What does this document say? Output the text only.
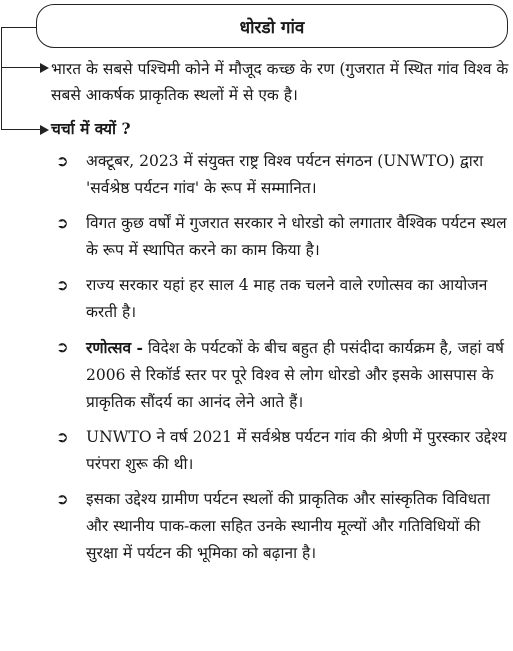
धोरडो गांव
भारत के सबसे पश्चिमी कोने में मौजूद कच्छ के रण (गुजरात में स्थित गांव विश्व के सबसे आकर्षक प्राकृतिक स्थलों में से एक है।
चर्चा में क्यों ?
➲ अक्टूबर, 2023 में संयुक्त राष्ट्र विश्व पर्यटन संगठन (UNWTO) द्वारा 'सर्वश्रेष्ठ पर्यटन गांव' के रूप में सम्मानित।
➲ विगत कुछ वर्षों में गुजरात सरकार ने धोरडो को लगातार वैश्विक पर्यटन स्थल के रूप में स्थापित करने का काम किया है।
➲ राज्य सरकार यहां हर साल 4 माह तक चलने वाले रणोत्सव का आयोजन करती है।
➲ रणोत्सव - विदेश के पर्यटकों के बीच बहुत ही पसंदीदा कार्यक्रम है, जहां वर्ष 2006 से रिकॉर्ड स्तर पर पूरे विश्व से लोग धोरडो और इसके आसपास के प्राकृतिक सौंदर्य का आनंद लेने आते हैं।
➲ UNWTO ने वर्ष 2021 में सर्वश्रेष्ठ पर्यटन गांव की श्रेणी में पुरस्कार उद्देश्य परंपरा शुरू की थी।
➲ इसका उद्देश्य ग्रामीण पर्यटन स्थलों की प्राकृतिक और सांस्कृतिक विविधता और स्थानीय पाक-कला सहित उनके स्थानीय मूल्यों और गतिविधियों की सुरक्षा में पर्यटन की भूमिका को बढ़ाना है।
